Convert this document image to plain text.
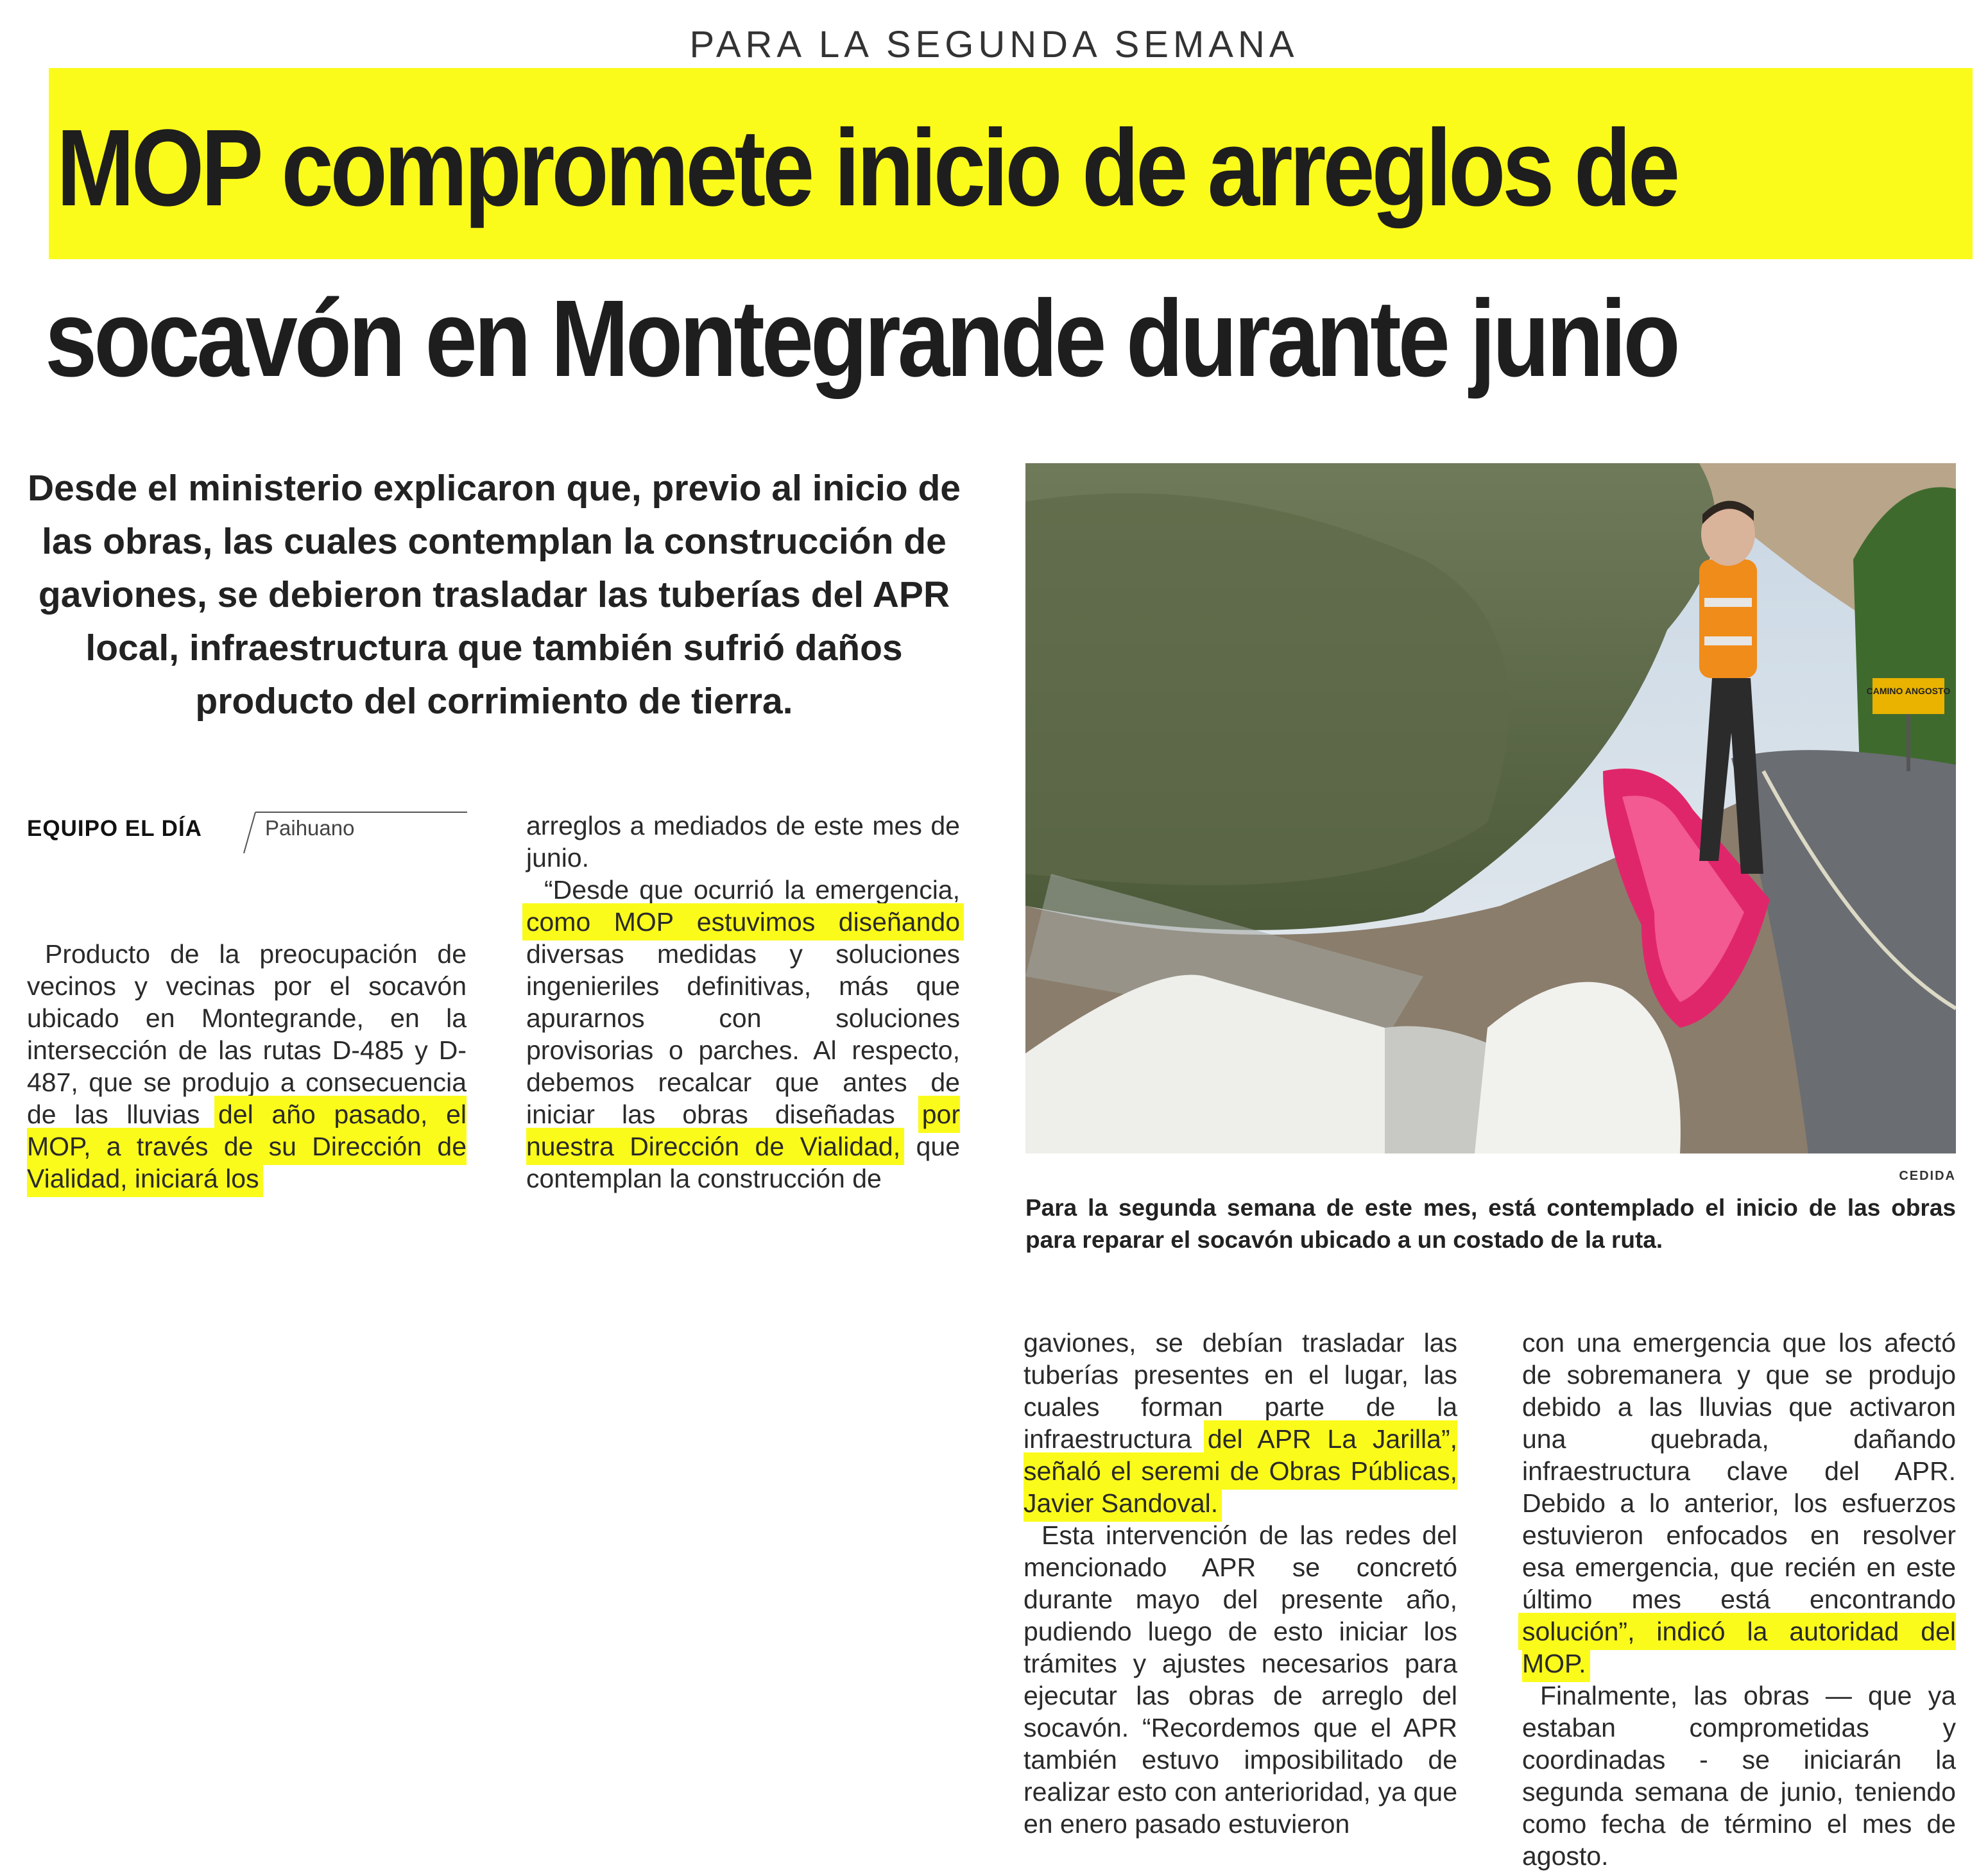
PARA LA SEGUNDA SEMANA
MOP compromete inicio de arreglos de
socavón en Montegrande durante junio
Desde el ministerio explicaron que, previo al inicio de las obras, las cuales contemplan la construcción de gaviones, se debieron trasladar las tuberías del APR local, infraestructura que también sufrió daños producto del corrimiento de tierra.
EQUIPO EL DÍA	Paihuano

Producto de la preocupación de vecinos y vecinas por el socavón ubicado en Montegrande, en la intersección de las rutas D-485 y D-487, que se produjo a consecuencia de las lluvias del año pasado, el MOP, a través de su Dirección de Vialidad, iniciará los

arreglos a mediados de este mes de junio.

“Desde que ocurrió la emergencia, como MOP estuvimos diseñando diversas medidas y soluciones ingenieriles definitivas, más que apurarnos con soluciones provisorias o parches. Al respecto, debemos recalcar que antes de iniciar las obras diseñadas por nuestra Dirección de Vialidad, que contemplan la construcción de

CAMINO ANGOSTO
CEDIDA
Para la segunda semana de este mes, está contemplado el inicio de las obras para reparar el socavón ubicado a un costado de la ruta.

gaviones, se debían trasladar las tuberías presentes en el lugar, las cuales forman parte de la infraestructura del APR La Jarilla”, señaló el seremi de Obras Públicas, Javier Sandoval.

Esta intervención de las redes del mencionado APR se concretó durante mayo del presente año, pudiendo luego de esto iniciar los trámites y ajustes necesarios para ejecutar las obras de arreglo del socavón. “Recordemos que el APR también estuvo imposibilitado de realizar esto con anterioridad, ya que en enero pasado estuvieron

con una emergencia que los afectó de sobremanera y que se produjo debido a las lluvias que activaron una quebrada, dañando infraestructura clave del APR. Debido a lo anterior, los esfuerzos estuvieron enfocados en resolver esa emergencia, que recién en este último mes está encontrando solución”, indicó la autoridad del MOP.

Finalmente, las obras — que ya estaban comprometidas y coordinadas - se iniciarán la segunda semana de junio, teniendo como fecha de término el mes de agosto.
